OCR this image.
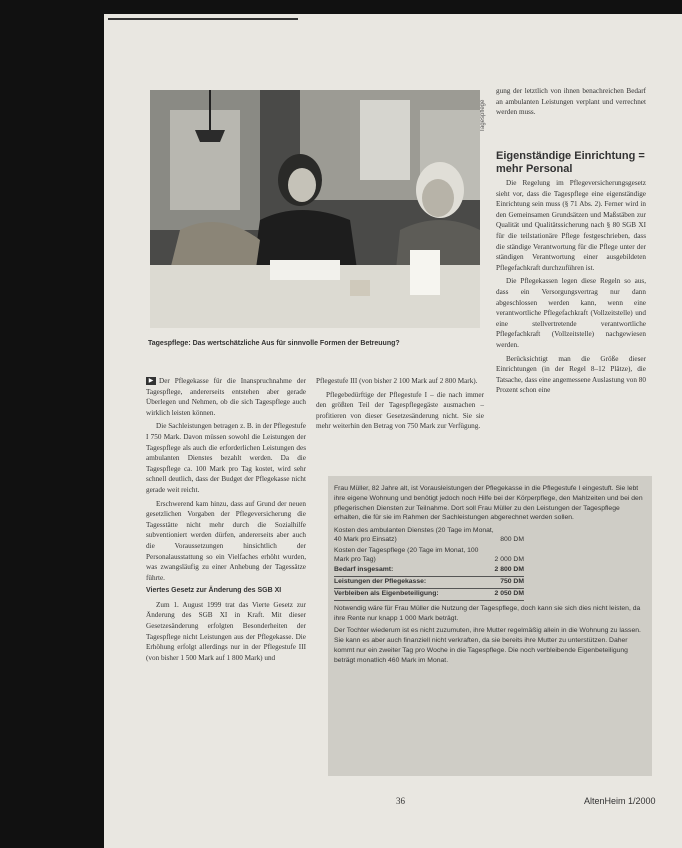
Tagespflege: Das wertschätzliche Aus für sinnvolle Formen der Betreuung?
Tagespflege

gung der letztlich von ihnen benachreichen Bedarf an ambulanten Leistungen verplant und verrechnet werden muss.

Eigenständige Einrichtung = mehr Personal

Die Regelung im Pflegeversicherungsgesetz sieht vor, dass die Tagespflege eine eigenständige Einrichtung sein muss (§ 71 Abs. 2). Ferner wird in den Gemeinsamen Grundsätzen und Maßstäben zur Qualität und Qualitätssicherung nach § 80 SGB XI für die teilstationäre Pflege festgeschrieben, dass die ständige Verantwortung für die Pflege unter der ständigen Verantwortung einer ausgebildeten Pflegefachkraft durchzuführen ist.

Die Pflegekassen legen diese Regeln so aus, dass ein Versorgungsvertrag nur dann abgeschlossen werden kann, wenn eine verantwortliche Pflegefachkraft (Vollzeitstelle) und eine stellvertretende verantwortliche Pflegefachkraft (Vollzeitstelle) nachgewiesen werden.

Berücksichtigt man die Größe dieser Einrichtungen (in der Regel 8–12 Plätze), die Tatsache, dass eine angemessene Auslastung von 80 Prozent schon eine

▶ Der Pflegekasse für die Inanspruchnahme der Tagespflege, andererseits entstehen aber gerade Überlegen und Nehmen, ob die sich Tagespflege auch wirklich leisten können.

Die Sachleistungen betragen z. B. in der Pflegestufe I 750 Mark. Davon müssen sowohl die Leistungen der Tagespflege als auch die erforderlichen Leistungen des ambulanten Dienstes bezahlt werden. Da die Tagespflege ca. 100 Mark pro Tag kostet, wird sehr schnell deutlich, dass der Budget der Pflegekasse nicht gerade weit reicht.

Erschwerend kam hinzu, dass auf Grund der neuen gesetzlichen Vorgaben der Pflegeversicherung die Tagesstätte nicht mehr durch die Sozialhilfe subventioniert werden dürfen, andererseits aber auch die Voraussetzungen hinsichtlich der Personalausstattung so ein Vielfaches erhöht wurden, was zwangsläufig zu einer Anhebung der Tagessätze führte.

Viertes Gesetz zur Änderung des SGB XI

Zum 1. August 1999 trat das Vierte Gesetz zur Änderung des SGB XI in Kraft. Mit dieser Gesetzesänderung erfolgten Besonderheiten der Tagespflege nicht Leistungen aus der Pflegekasse. Die Erhöhung erfolgt allerdings nur in der Pflegestufe III (von bisher 1 500 Mark auf 1 800 Mark) und

Pflegestufe III (von bisher 2 100 Mark auf 2 800 Mark).

Pflegebedürftige der Pflegestufe I – die nach immer den größten Teil der Tagespflegegäste ausmachen – profitieren von dieser Gesetzesänderung nicht. Sie sie mehr weiterhin den Betrag von 750 Mark zur Verfügung.

Frau Müller, 82 Jahre alt, ist Vorausleistungen der Pflegekasse in die Pflegestufe I eingestuft. Sie lebt ihre eigene Wohnung und benötigt jedoch noch Hilfe bei der Körperpflege, den Mahlzeiten und bei den pflegerischen Diensten zur Teilnahme. Dort soll Frau Müller zu den Leistungen der Tagespflege erhalten, die für sie im Rahmen der Sachleistungen abgerechnet werden sollen.

Kosten des ambulanten Dienstes (20 Tage im Monat, 40 Mark pro Einsatz)	800 DM
Kosten der Tagespflege (20 Tage im Monat, 100 Mark pro Tag)	2 000 DM
Bedarf insgesamt:	2 800 DM
Leistungen der Pflegekasse:	750 DM
Verbleiben als Eigenbeteiligung:	2 050 DM

Notwendig wäre für Frau Müller die Nutzung der Tagespflege, doch kann sie sich dies nicht leisten, da ihre Rente nur knapp 1 000 Mark beträgt.

Der Tochter wiederum ist es nicht zuzumuten, ihre Mutter regelmäßig allein in die Wohnung zu lassen. Sie kann es aber auch finanziell nicht verkraften, da sie bereits ihre Mutter zu unterstützen. Daher kommt nur ein zweiter Tag pro Woche in die Tagespflege. Die noch verbleibende Eigenbeteiligung beträgt monatlich 460 Mark im Monat.

36	AltenHeim 1/2000
